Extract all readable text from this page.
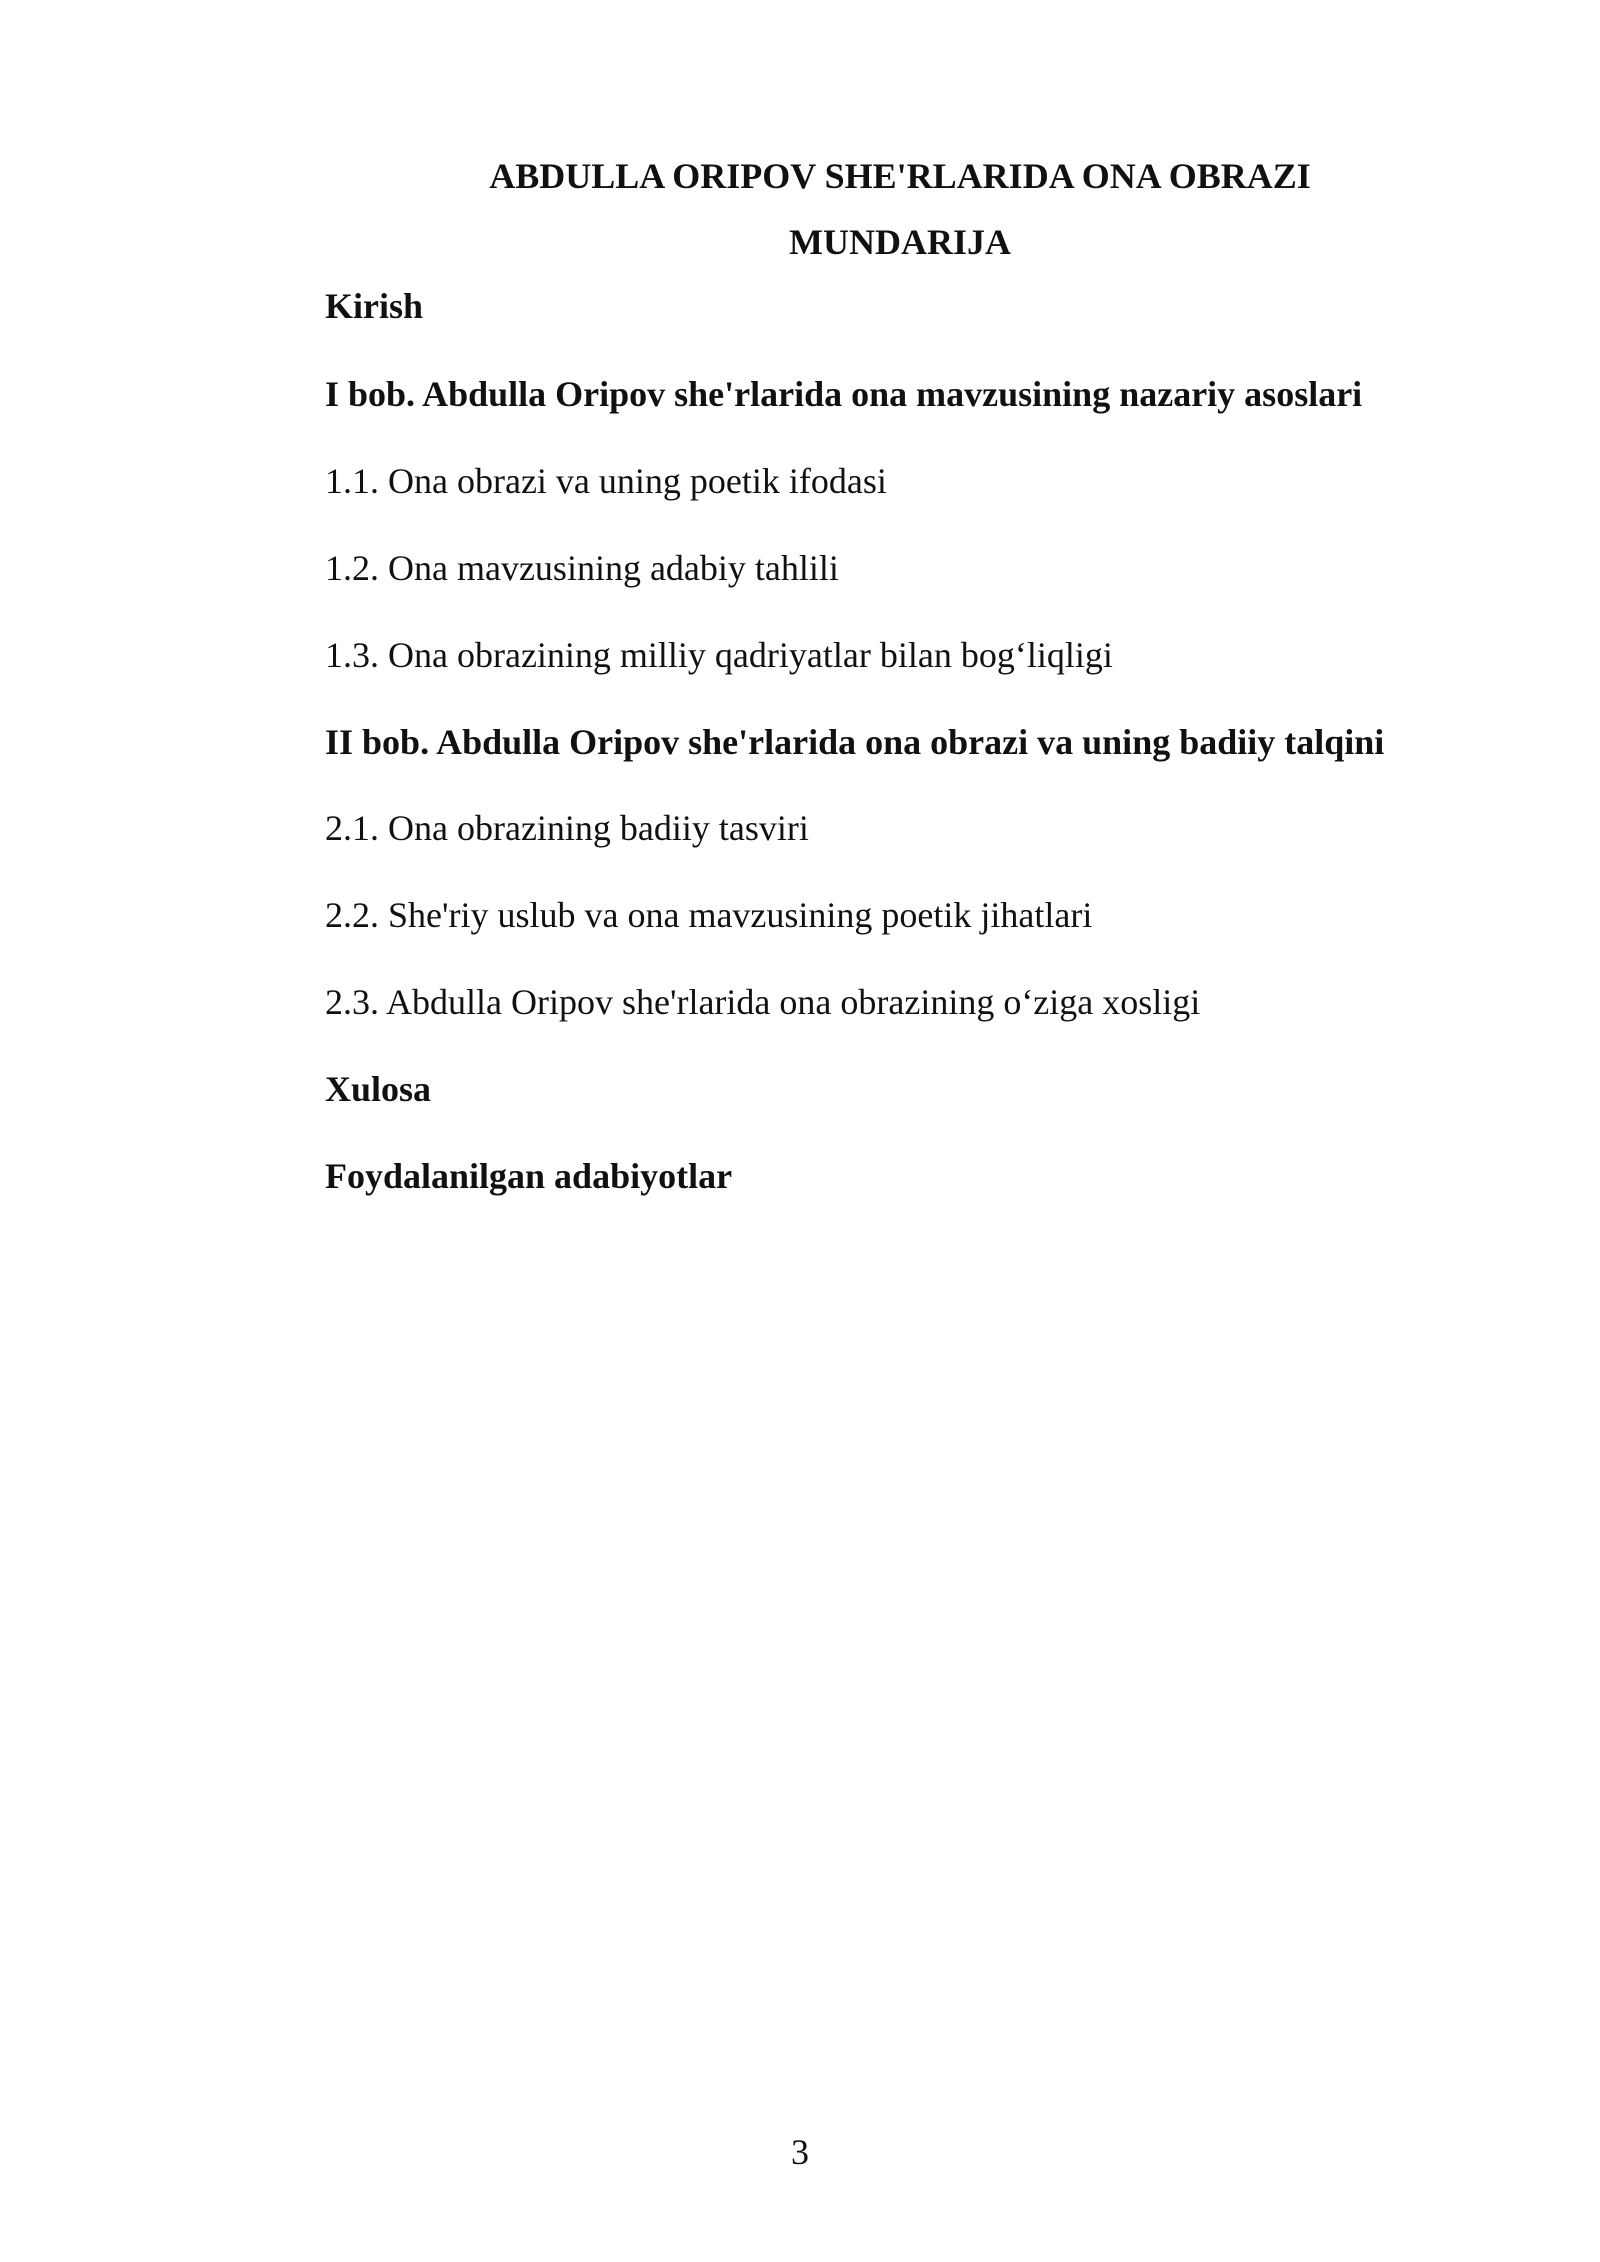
ABDULLA ORIPOV SHE'RLARIDA ONA OBRAZI
MUNDARIJA
Kirish
I bob. Abdulla Oripov she'rlarida ona mavzusining nazariy asoslari
1.1. Ona obrazi va uning poetik ifodasi
1.2. Ona mavzusining adabiy tahlili
1.3. Ona obrazining milliy qadriyatlar bilan bog‘liqligi
II bob. Abdulla Oripov she'rlarida ona obrazi va uning badiiy talqini
2.1. Ona obrazining badiiy tasviri
2.2. She'riy uslub va ona mavzusining poetik jihatlari
2.3. Abdulla Oripov she'rlarida ona obrazining o‘ziga xosligi
Xulosa
Foydalanilgan adabiyotlar
3
